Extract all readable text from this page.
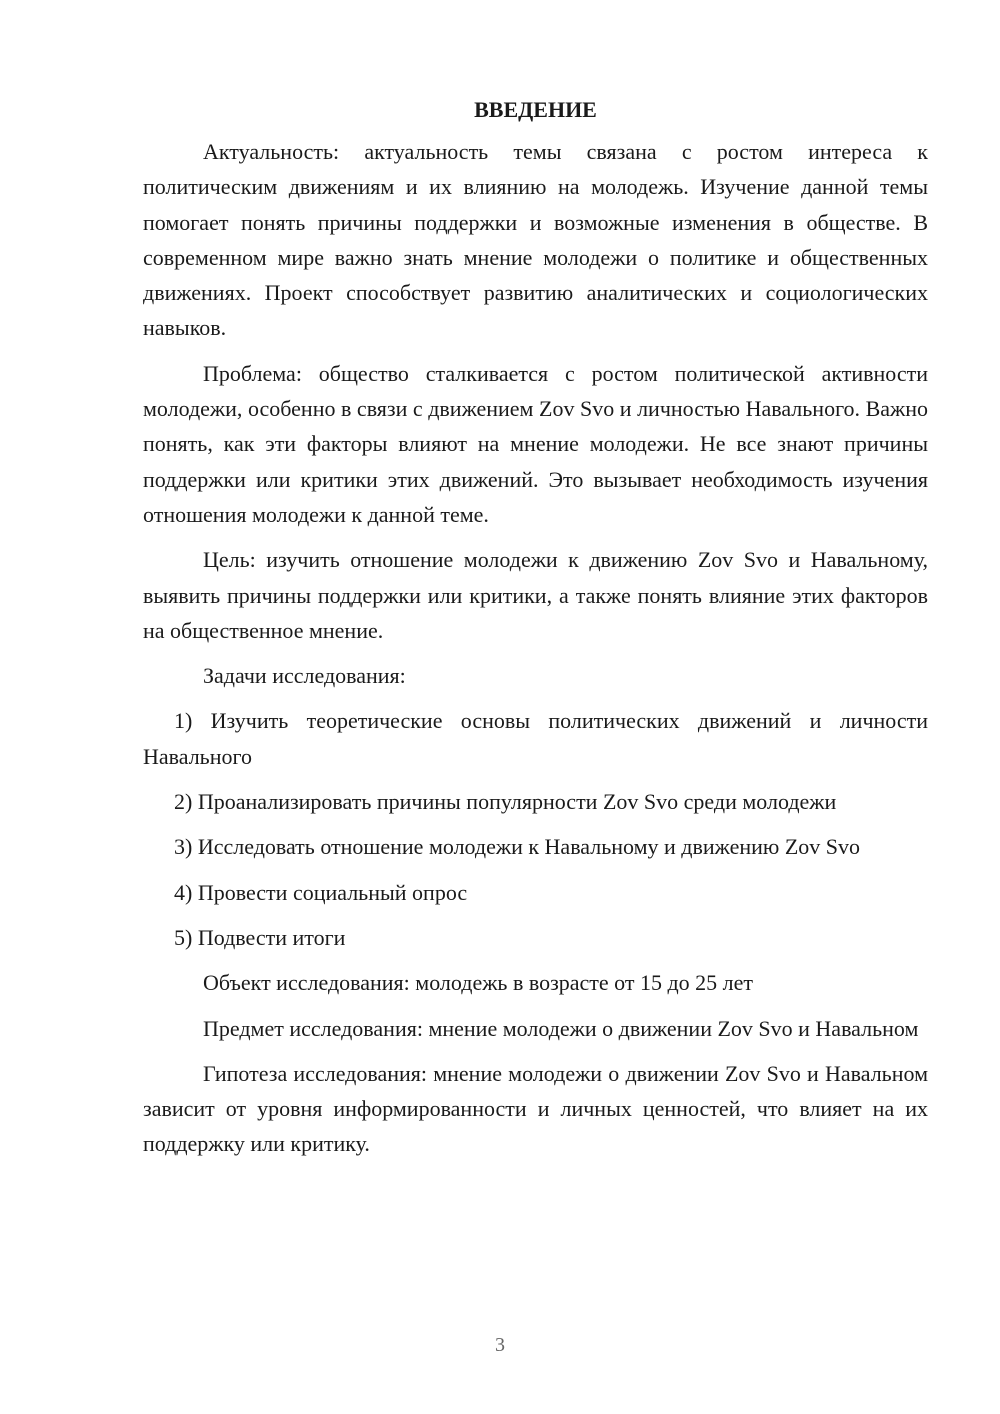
ВВЕДЕНИЕ

Актуальность: актуальность темы связана с ростом интереса к политическим движениям и их влиянию на молодежь. Изучение данной темы помогает понять причины поддержки и возможные изменения в обществе. В современном мире важно знать мнение молодежи о политике и общественных движениях. Проект способствует развитию аналитических и социологических навыков.

Проблема: общество сталкивается с ростом политической активности молодежи, особенно в связи с движением Zov Svo и личностью Навального. Важно понять, как эти факторы влияют на мнение молодежи. Не все знают причины поддержки или критики этих движений. Это вызывает необходимость изучения отношения молодежи к данной теме.

Цель: изучить отношение молодежи к движению Zov Svo и Навальному, выявить причины поддержки или критики, а также понять влияние этих факторов на общественное мнение.

Задачи исследования:

1) Изучить теоретические основы политических движений и личности Навального

2) Проанализировать причины популярности Zov Svo среди молодежи

3) Исследовать отношение молодежи к Навальному и движению Zov Svo

4) Провести социальный опрос

5) Подвести итоги

Объект исследования: молодежь в возрасте от 15 до 25 лет

Предмет исследования: мнение молодежи о движении Zov Svo и Навальном

Гипотеза исследования: мнение молодежи о движении Zov Svo и Навальном зависит от уровня информированности и личных ценностей, что влияет на их поддержку или критику.

3
